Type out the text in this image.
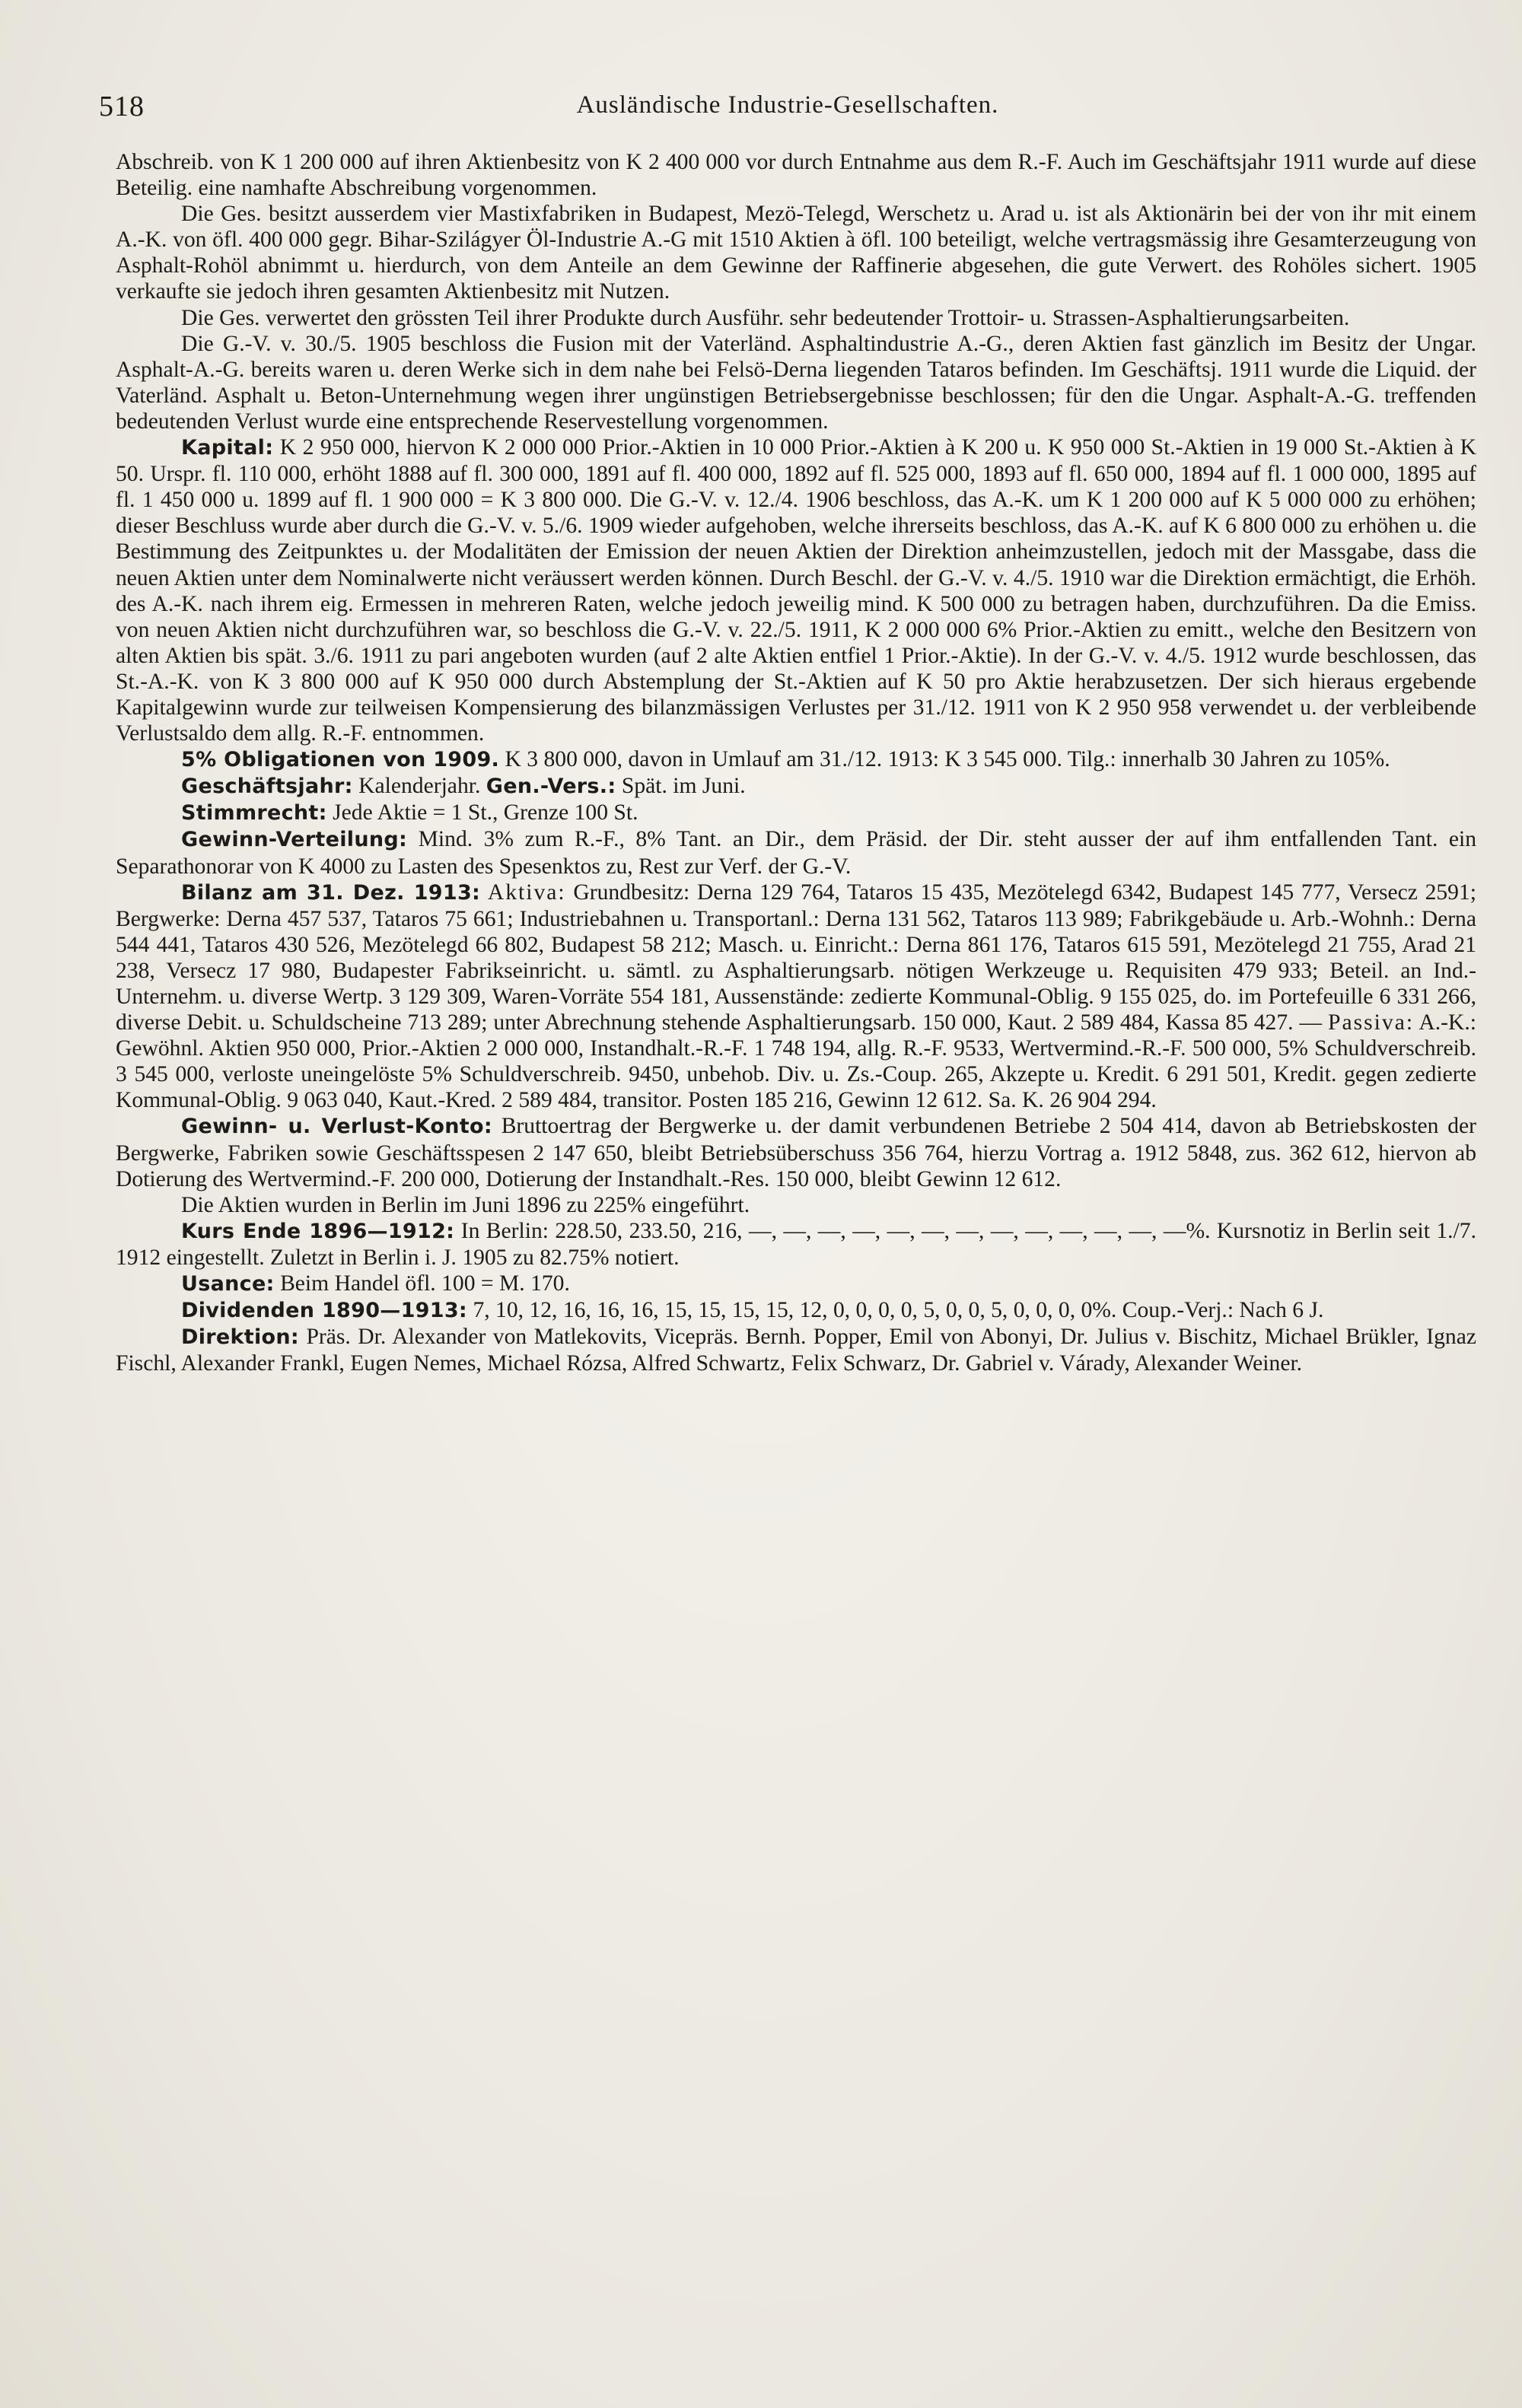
518	Ausländische Industrie-Gesellschaften.

Abschreib. von K 1 200 000 auf ihren Aktienbesitz von K 2 400 000 vor durch Entnahme aus dem R.-F. Auch im Geschäftsjahr 1911 wurde auf diese Beteilig. eine namhafte Abschreibung vorgenommen.

Die Ges. besitzt ausserdem vier Mastixfabriken in Budapest, Mezö-Telegd, Werschetz u. Arad u. ist als Aktionärin bei der von ihr mit einem A.-K. von öfl. 400 000 gegr. Bihar-Szilágyer Öl-Industrie A.-G mit 1510 Aktien à öfl. 100 beteiligt, welche vertragsmässig ihre Gesamterzeugung von Asphalt-Rohöl abnimmt u. hierdurch, von dem Anteile an dem Gewinne der Raffinerie abgesehen, die gute Verwert. des Rohöles sichert. 1905 verkaufte sie jedoch ihren gesamten Aktienbesitz mit Nutzen.

Die Ges. verwertet den grössten Teil ihrer Produkte durch Ausführ. sehr bedeutender Trottoir- u. Strassen-Asphaltierungsarbeiten.

Die G.-V. v. 30./5. 1905 beschloss die Fusion mit der Vaterländ. Asphaltindustrie A.-G., deren Aktien fast gänzlich im Besitz der Ungar. Asphalt-A.-G. bereits waren u. deren Werke sich in dem nahe bei Felsö-Derna liegenden Tataros befinden. Im Geschäftsj. 1911 wurde die Liquid. der Vaterländ. Asphalt u. Beton-Unternehmung wegen ihrer ungünstigen Betriebsergebnisse beschlossen; für den die Ungar. Asphalt-A.-G. treffenden bedeutenden Verlust wurde eine entsprechende Reservestellung vorgenommen.

Kapital: K 2 950 000, hiervon K 2 000 000 Prior.-Aktien in 10 000 Prior.-Aktien à K 200 u. K 950 000 St.-Aktien in 19 000 St.-Aktien à K 50. Urspr. fl. 110 000, erhöht 1888 auf fl. 300 000, 1891 auf fl. 400 000, 1892 auf fl. 525 000, 1893 auf fl. 650 000, 1894 auf fl. 1 000 000, 1895 auf fl. 1 450 000 u. 1899 auf fl. 1 900 000 = K 3 800 000. Die G.-V. v. 12./4. 1906 beschloss, das A.-K. um K 1 200 000 auf K 5 000 000 zu erhöhen; dieser Beschluss wurde aber durch die G.-V. v. 5./6. 1909 wieder aufgehoben, welche ihrerseits beschloss, das A.-K. auf K 6 800 000 zu erhöhen u. die Bestimmung des Zeitpunktes u. der Modalitäten der Emission der neuen Aktien der Direktion anheimzustellen, jedoch mit der Massgabe, dass die neuen Aktien unter dem Nominalwerte nicht veräussert werden können. Durch Beschl. der G.-V. v. 4./5. 1910 war die Direktion ermächtigt, die Erhöh. des A.-K. nach ihrem eig. Ermessen in mehreren Raten, welche jedoch jeweilig mind. K 500 000 zu betragen haben, durchzuführen. Da die Emiss. von neuen Aktien nicht durchzuführen war, so beschloss die G.-V. v. 22./5. 1911, K 2 000 000 6% Prior.-Aktien zu emitt., welche den Besitzern von alten Aktien bis spät. 3./6. 1911 zu pari angeboten wurden (auf 2 alte Aktien entfiel 1 Prior.-Aktie). In der G.-V. v. 4./5. 1912 wurde beschlossen, das St.-A.-K. von K 3 800 000 auf K 950 000 durch Abstemplung der St.-Aktien auf K 50 pro Aktie herabzusetzen. Der sich hieraus ergebende Kapitalgewinn wurde zur teilweisen Kompensierung des bilanzmässigen Verlustes per 31./12. 1911 von K 2 950 958 verwendet u. der verbleibende Verlustsaldo dem allg. R.-F. entnommen.

5% Obligationen von 1909. K 3 800 000, davon in Umlauf am 31./12. 1913: K 3 545 000. Tilg.: innerhalb 30 Jahren zu 105%.

Geschäftsjahr: Kalenderjahr. Gen.-Vers.: Spät. im Juni.

Stimmrecht: Jede Aktie = 1 St., Grenze 100 St.

Gewinn-Verteilung: Mind. 3% zum R.-F., 8% Tant. an Dir., dem Präsid. der Dir. steht ausser der auf ihm entfallenden Tant. ein Separathonorar von K 4000 zu Lasten des Spesenktos zu, Rest zur Verf. der G.-V.

Bilanz am 31. Dez. 1913: Aktiva: Grundbesitz: Derna 129 764, Tataros 15 435, Mezötelegd 6342, Budapest 145 777, Versecz 2591; Bergwerke: Derna 457 537, Tataros 75 661; Industriebahnen u. Transportanl.: Derna 131 562, Tataros 113 989; Fabrikgebäude u. Arb.-Wohnh.: Derna 544 441, Tataros 430 526, Mezötelegd 66 802, Budapest 58 212; Masch. u. Einricht.: Derna 861 176, Tataros 615 591, Mezötelegd 21 755, Arad 21 238, Versecz 17 980, Budapester Fabrikseinricht. u. sämtl. zu Asphaltierungsarb. nötigen Werkzeuge u. Requisiten 479 933; Beteil. an Ind.-Unternehm. u. diverse Wertp. 3 129 309, Waren-Vorräte 554 181, Aussenstände: zedierte Kommunal-Oblig. 9 155 025, do. im Portefeuille 6 331 266, diverse Debit. u. Schuldscheine 713 289; unter Abrechnung stehende Asphaltierungsarb. 150 000, Kaut. 2 589 484, Kassa 85 427. — Passiva: A.-K.: Gewöhnl. Aktien 950 000, Prior.-Aktien 2 000 000, Instandhalt.-R.-F. 1 748 194, allg. R.-F. 9533, Wertvermind.-R.-F. 500 000, 5% Schuldverschreib. 3 545 000, verloste uneingelöste 5% Schuldverschreib. 9450, unbehob. Div. u. Zs.-Coup. 265, Akzepte u. Kredit. 6 291 501, Kredit. gegen zedierte Kommunal-Oblig. 9 063 040, Kaut.-Kred. 2 589 484, transitor. Posten 185 216, Gewinn 12 612. Sa. K. 26 904 294.

Gewinn- u. Verlust-Konto: Bruttoertrag der Bergwerke u. der damit verbundenen Betriebe 2 504 414, davon ab Betriebskosten der Bergwerke, Fabriken sowie Geschäftsspesen 2 147 650, bleibt Betriebsüberschuss 356 764, hierzu Vortrag a. 1912 5848, zus. 362 612, hiervon ab Dotierung des Wertvermind.-F. 200 000, Dotierung der Instandhalt.-Res. 150 000, bleibt Gewinn 12 612.

Die Aktien wurden in Berlin im Juni 1896 zu 225% eingeführt.

Kurs Ende 1896—1912: In Berlin: 228.50, 233.50, 216, —, —, —, —, —, —, —, —, —, —, —, —, —%. Kursnotiz in Berlin seit 1./7. 1912 eingestellt. Zuletzt in Berlin i. J. 1905 zu 82.75% notiert.

Usance: Beim Handel öfl. 100 = M. 170.

Dividenden 1890—1913: 7, 10, 12, 16, 16, 16, 15, 15, 15, 15, 12, 0, 0, 0, 0, 5, 0, 0, 5, 0, 0, 0, 0%. Coup.-Verj.: Nach 6 J.

Direktion: Präs. Dr. Alexander von Matlekovits, Vicepräs. Bernh. Popper, Emil von Abonyi, Dr. Julius v. Bischitz, Michael Brükler, Ignaz Fischl, Alexander Frankl, Eugen Nemes, Michael Rózsa, Alfred Schwartz, Felix Schwarz, Dr. Gabriel v. Várady, Alexander Weiner.
